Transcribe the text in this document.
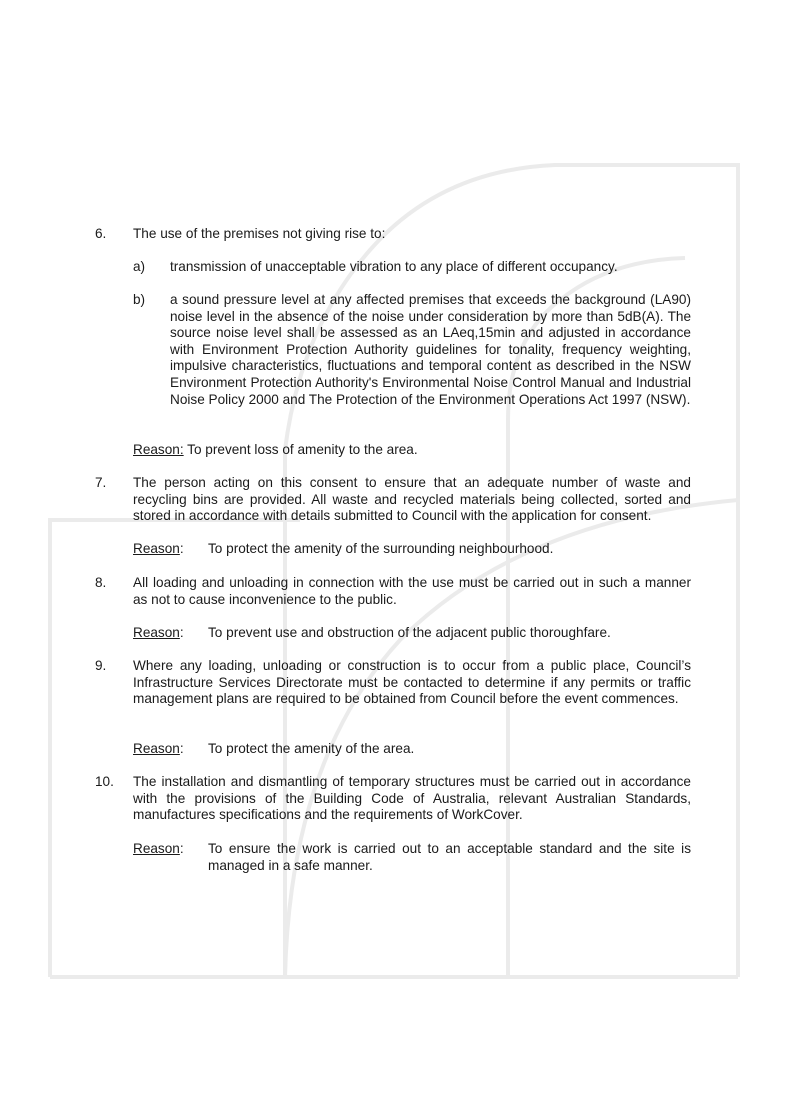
6. The use of the premises not giving rise to:

a) transmission of unacceptable vibration to any place of different occupancy.

b) a sound pressure level at any affected premises that exceeds the background (LA90) noise level in the absence of the noise under consideration by more than 5dB(A). The source noise level shall be assessed as an LAeq,15min and adjusted in accordance with Environment Protection Authority guidelines for tonality, frequency weighting, impulsive characteristics, fluctuations and temporal content as described in the NSW Environment Protection Authority's Environmental Noise Control Manual and Industrial Noise Policy 2000 and The Protection of the Environment Operations Act 1997 (NSW).

Reason: To prevent loss of amenity to the area.
7. The person acting on this consent to ensure that an adequate number of waste and recycling bins are provided. All waste and recycled materials being collected, sorted and stored in accordance with details submitted to Council with the application for consent.

Reason: To protect the amenity of the surrounding neighbourhood.

8. All loading and unloading in connection with the use must be carried out in such a manner as not to cause inconvenience to the public.

Reason: To prevent use and obstruction of the adjacent public thoroughfare.

9. Where any loading, unloading or construction is to occur from a public place, Council’s Infrastructure Services Directorate must be contacted to determine if any permits or traffic management plans are required to be obtained from Council before the event commences.

Reason: To protect the amenity of the area.

10. The installation and dismantling of temporary structures must be carried out in accordance with the provisions of the Building Code of Australia, relevant Australian Standards, manufactures specifications and the requirements of WorkCover.

Reason: To ensure the work is carried out to an acceptable standard and the site is managed in a safe manner.
